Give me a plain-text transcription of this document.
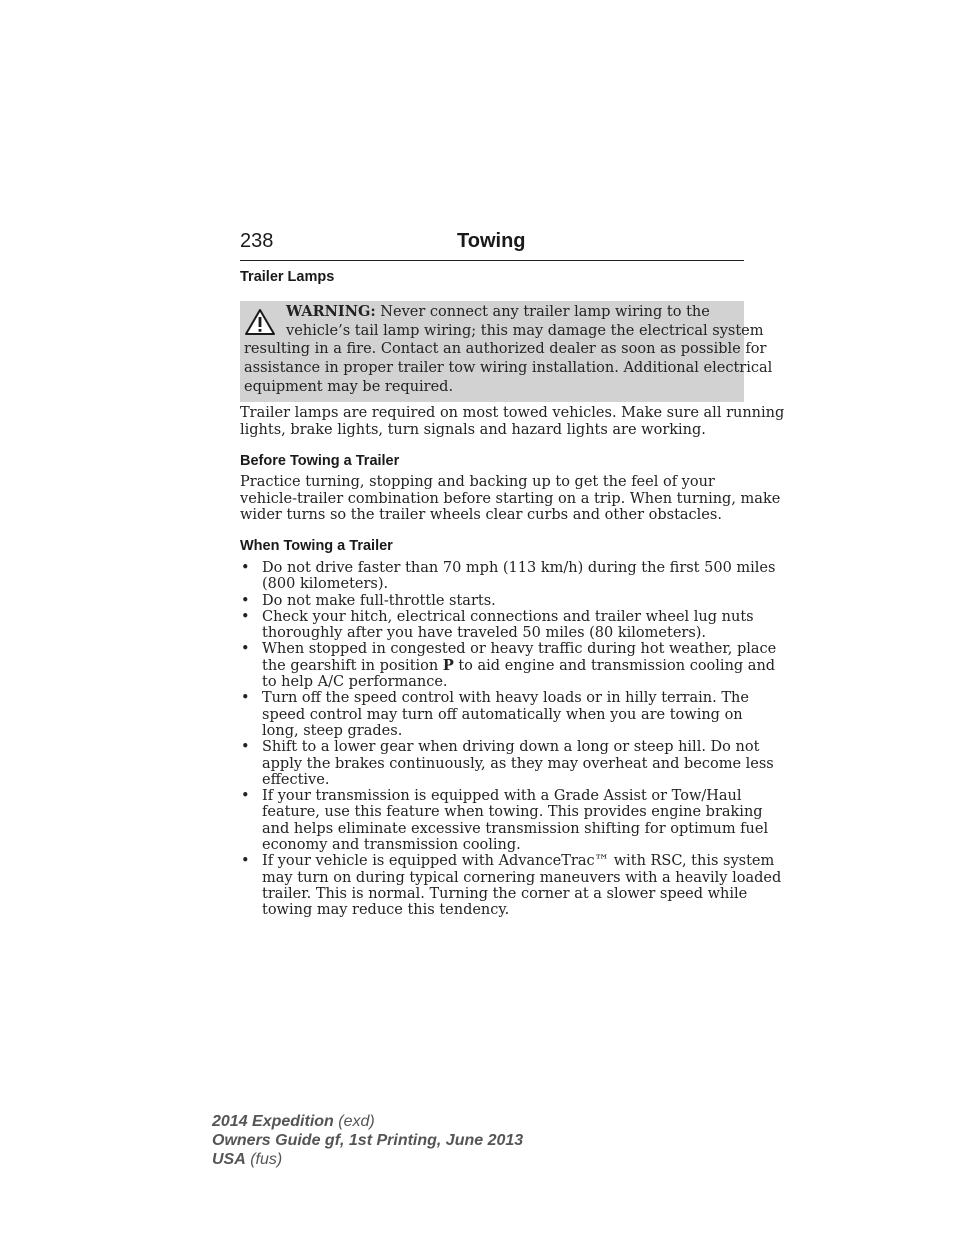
238	Towing
Trailer Lamps
WARNING: Never connect any trailer lamp wiring to the
vehicle’s tail lamp wiring; this may damage the electrical system
resulting in a fire. Contact an authorized dealer as soon as possible for
assistance in proper trailer tow wiring installation. Additional electrical
equipment may be required.
Trailer lamps are required on most towed vehicles. Make sure all running
lights, brake lights, turn signals and hazard lights are working.
Before Towing a Trailer
Practice turning, stopping and backing up to get the feel of your
vehicle-trailer combination before starting on a trip. When turning, make
wider turns so the trailer wheels clear curbs and other obstacles.
When Towing a Trailer
• Do not drive faster than 70 mph (113 km/h) during the first 500 miles
(800 kilometers).
• Do not make full-throttle starts.
• Check your hitch, electrical connections and trailer wheel lug nuts
thoroughly after you have traveled 50 miles (80 kilometers).
• When stopped in congested or heavy traffic during hot weather, place
the gearshift in position P to aid engine and transmission cooling and
to help A/C performance.
• Turn off the speed control with heavy loads or in hilly terrain. The
speed control may turn off automatically when you are towing on
long, steep grades.
• Shift to a lower gear when driving down a long or steep hill. Do not
apply the brakes continuously, as they may overheat and become less
effective.
• If your transmission is equipped with a Grade Assist or Tow/Haul
feature, use this feature when towing. This provides engine braking
and helps eliminate excessive transmission shifting for optimum fuel
economy and transmission cooling.
• If your vehicle is equipped with AdvanceTrac™ with RSC, this system
may turn on during typical cornering maneuvers with a heavily loaded
trailer. This is normal. Turning the corner at a slower speed while
towing may reduce this tendency.
2014 Expedition (exd)
Owners Guide gf, 1st Printing, June 2013
USA (fus)
